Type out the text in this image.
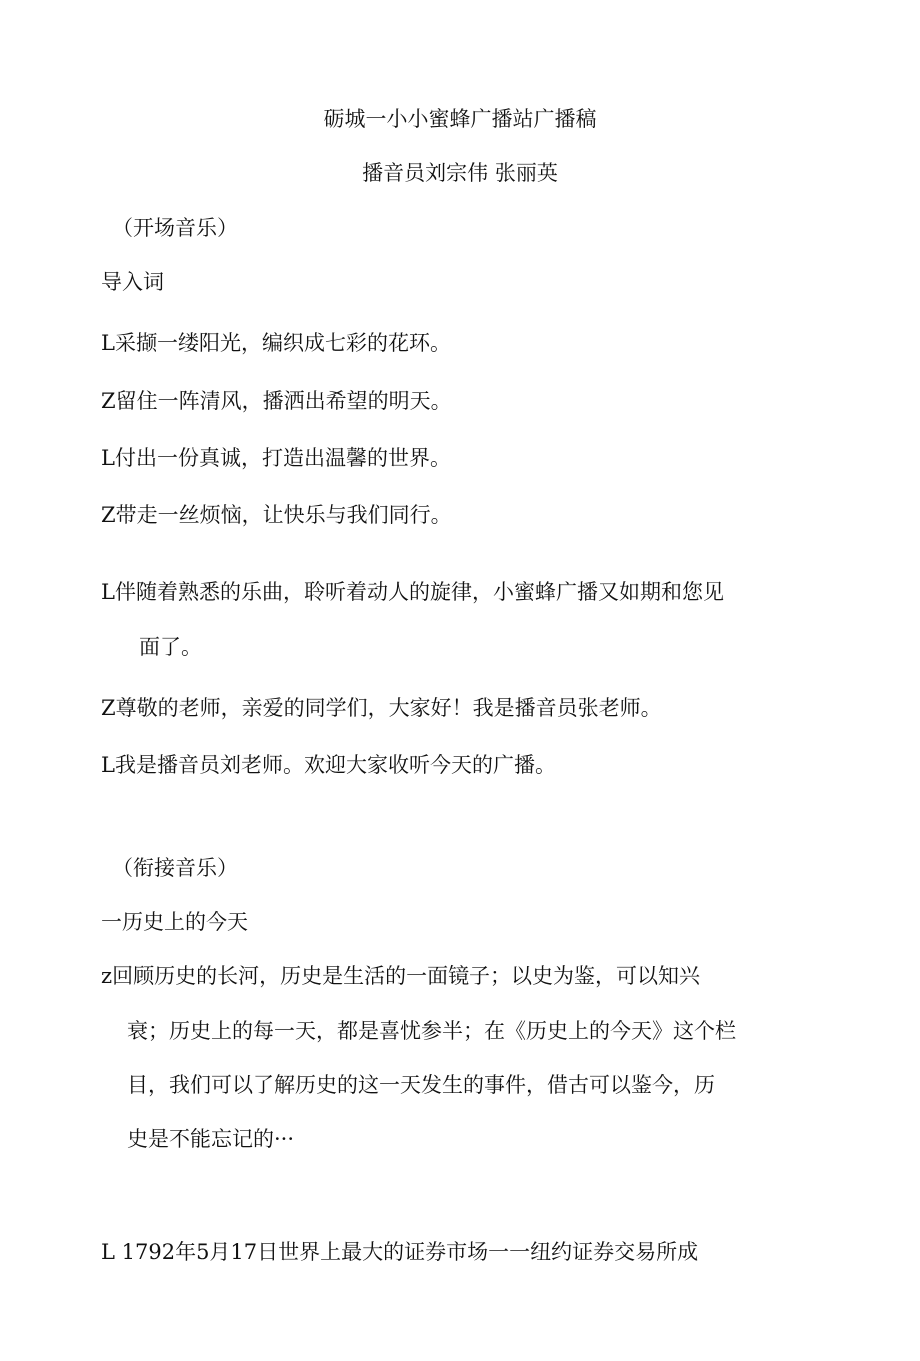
砺城一小小蜜蜂广播站广播稿
播音员刘宗伟 张丽英
（开场音乐）
导入词
L采撷一缕阳光，编织成七彩的花环。
Z留住一阵清风，播洒出希望的明天。
L付出一份真诚，打造出温馨的世界。
Z带走一丝烦恼，让快乐与我们同行。
L伴随着熟悉的乐曲，聆听着动人的旋律，小蜜蜂广播又如期和您见
面了。
Z尊敬的老师，亲爱的同学们，大家好！我是播音员张老师。
L我是播音员刘老师。欢迎大家收听今天的广播。
（衔接音乐）
一历史上的今天
z回顾历史的长河，历史是生活的一面镜子；以史为鉴，可以知兴
衰；历史上的每一天，都是喜忧参半；在《历史上的今天》这个栏
目，我们可以了解历史的这一天发生的事件，借古可以鉴今，历
史是不能忘记的···
L 1792年5月17日世界上最大的证券市场一一纽约证券交易所成
